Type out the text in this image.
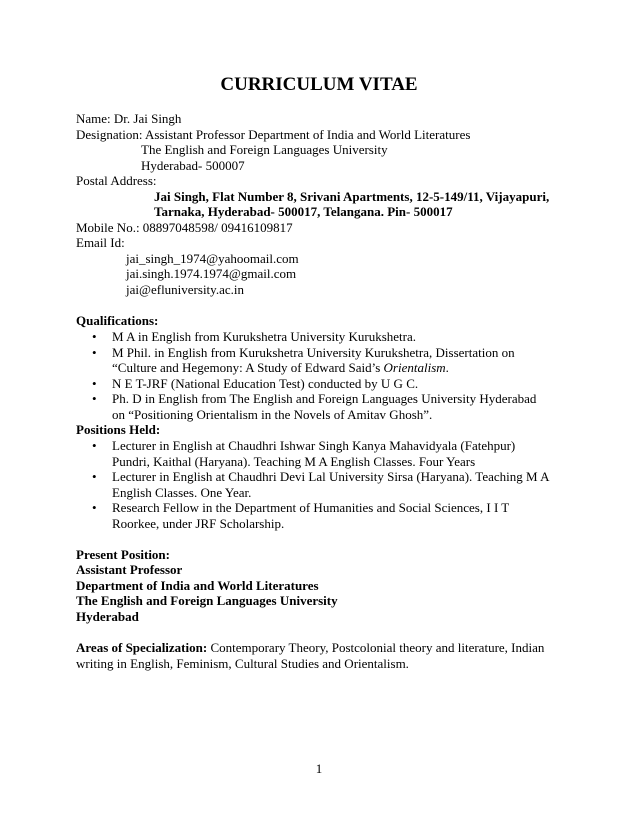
CURRICULUM VITAE
Name: Dr. Jai Singh
Designation: Assistant Professor Department of India and World Literatures
The English and Foreign Languages University
Hyderabad- 500007
Postal Address:
Jai Singh, Flat Number 8, Srivani Apartments, 12-5-149/11, Vijayapuri,
Tarnaka, Hyderabad- 500017, Telangana. Pin- 500017
Mobile No.: 08897048598/ 09416109817
Email Id:
jai_singh_1974@yahoomail.com
jai.singh.1974.1974@gmail.com
jai@efluniversity.ac.in
Qualifications:
• M A in English from Kurukshetra University Kurukshetra.
• M Phil. in English from Kurukshetra University Kurukshetra, Dissertation on “Culture and Hegemony: A Study of Edward Said’s Orientalism.
• N E T-JRF (National Education Test) conducted by U G C.
• Ph. D in English from The English and Foreign Languages University Hyderabad on “Positioning Orientalism in the Novels of Amitav Ghosh”.
Positions Held:
• Lecturer in English at Chaudhri Ishwar Singh Kanya Mahavidyala (Fatehpur) Pundri, Kaithal (Haryana). Teaching M A English Classes. Four Years
• Lecturer in English at Chaudhri Devi Lal University Sirsa (Haryana). Teaching M A English Classes. One Year.
• Research Fellow in the Department of Humanities and Social Sciences, I I T Roorkee, under JRF Scholarship.
Present Position:
Assistant Professor
Department of India and World Literatures
The English and Foreign Languages University
Hyderabad
Areas of Specialization: Contemporary Theory, Postcolonial theory and literature, Indian writing in English, Feminism, Cultural Studies and Orientalism.
1
